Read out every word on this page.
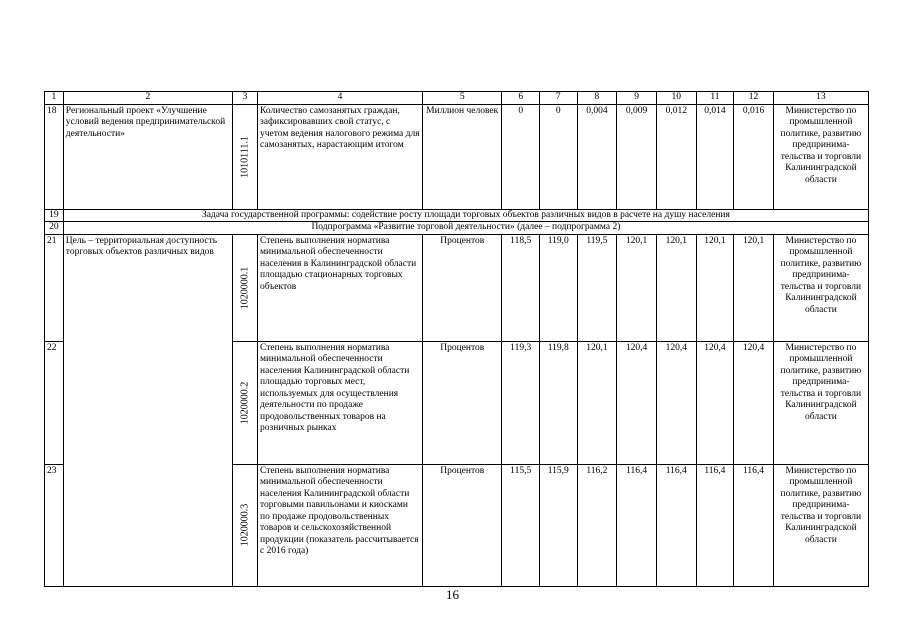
1	2	3	4	5	6	7	8	9	10	11	12	13
18	Региональный проект «Улучшение условий ведения предпринимательской деятельности»	1010111.1	Количество самозанятых граждан, зафиксировавших свой статус, с учетом ведения налогового режима для самозанятых, нарастающим итогом	Миллион человек	0	0	0,004	0,009	0,012	0,014	0,016	Министерство по промышленной политике, развитию предпринима-тельства и торговли Калининградской области
19	Задача государственной программы: содействие росту площади торговых объектов различных видов в расчете на душу населения											
20	Подпрограмма «Развитие торговой деятельности» (далее – подпрограмма 2)											
21	Цель – территориальная доступность торговых объектов различных видов	1020000.1	Степень выполнения норматива минимальной обеспеченности населения в Калининградской области площадью стационарных торговых объектов	Процентов	118,5	119,0	119,5	120,1	120,1	120,1	120,1	Министерство по промышленной политике, развитию предпринима-тельства и торговли Калининградской области
22		1020000.2	Степень выполнения норматива минимальной обеспеченности населения Калининградской области площадью торговых мест, используемых для осуществления деятельности по продаже продовольственных товаров на розничных рынках	Процентов	119,3	119,8	120,1	120,4	120,4	120,4	120,4	Министерство по промышленной политике, развитию предпринима-тельства и торговли Калининградской области
23		1020000.3	Степень выполнения норматива минимальной обеспеченности населения Калининградской области торговыми павильонами и киосками по продаже продовольственных товаров и сельскохозяйственной продукции (показатель рассчитывается с 2016 года)	Процентов	115,5	115,9	116,2	116,4	116,4	116,4	116,4	Министерство по промышленной политике, развитию предпринима-тельства и торговли Калининградской области
16
